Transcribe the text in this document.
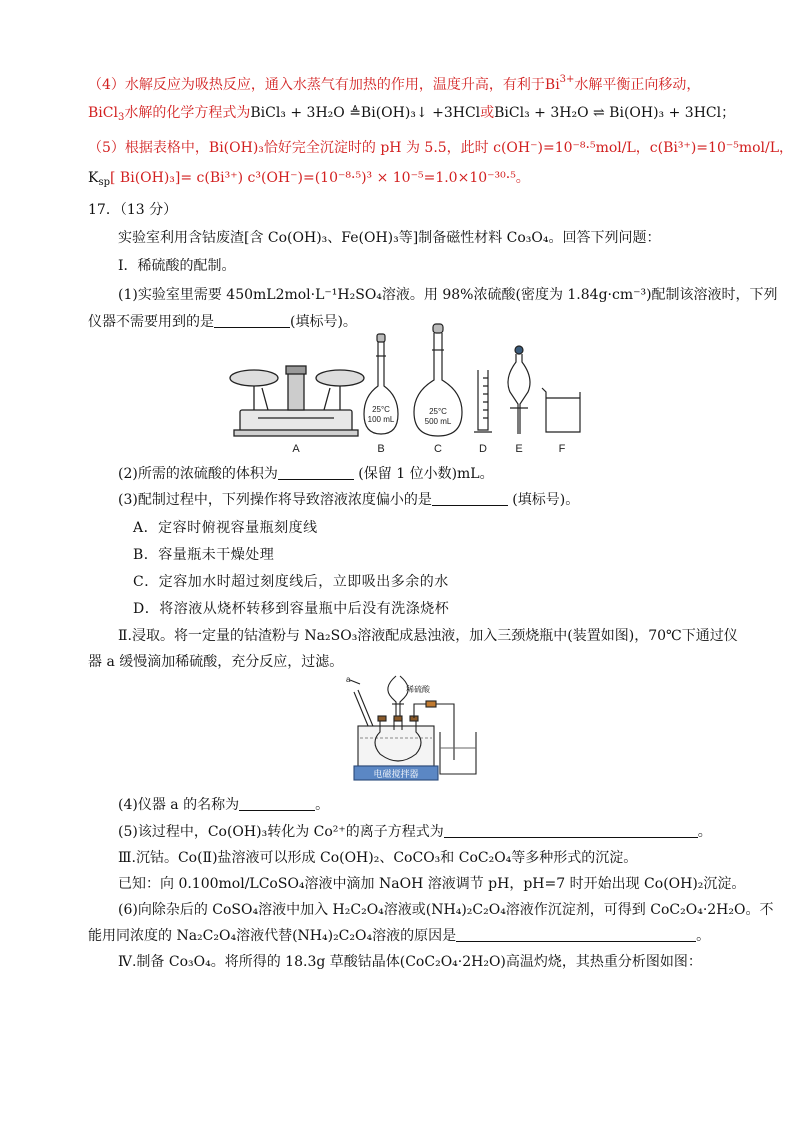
（4）水解反应为吸热反应，通入水蒸气有加热的作用，温度升高，有利于$Bi^{3+}$水解平衡正向移动，
BiCl$_3$水解的化学方程式为BiCl₃ + 3H₂O ≜Bi(OH)₃↓ +3HCl或BiCl₃ + 3H₂O ⇌ Bi(OH)₃ + 3HCl；
（5）根据表格中，Bi(OH)₃恰好完全沉淀时的 pH 为 5.5，此时 c(OH⁻)=10⁻⁸·⁵mol/L，c(Bi³⁺)=10⁻⁵mol/L，
$K_{sp}$[ Bi(OH)₃]= c(Bi³⁺) c³(OH⁻)=(10⁻⁸·⁵)³ × 10⁻⁵=1.0×10⁻³⁰·⁵。
17．（13 分）
实验室利用含钴废渣[含 Co(OH)₃、Fe(OH)₃等]制备磁性材料 Co₃O₄。回答下列问题：
I．稀硫酸的配制。
(1)实验室里需要 450mL2mol·L⁻¹H₂SO₄溶液。用 98%浓硫酸(密度为 1.84g·cm⁻³)配制该溶液时，下列
仪器不需要用到的是	(填标号)。
25°C
100 mL
25°C
500 mL
A	B	C	D	E	F
(2)所需的浓硫酸的体积为	(保留 1 位小数)mL。
(3)配制过程中，下列操作将导致溶液浓度偏小的是	(填标号)。
A．定容时俯视容量瓶刻度线
B．容量瓶未干燥处理
C．定容加水时超过刻度线后，立即吸出多余的水
D．将溶液从烧杯转移到容量瓶中后没有洗涤烧杯
Ⅱ.浸取。将一定量的钴渣粉与 Na₂SO₃溶液配成悬浊液，加入三颈烧瓶中(装置如图)，70℃下通过仪
器 a 缓慢滴加稀硫酸，充分反应，过滤。
a
稀硫酸
电磁搅拌器
(4)仪器 a 的名称为	。
(5)该过程中，Co(OH)₃转化为 Co²⁺的离子方程式为	。
Ⅲ.沉钴。Co(Ⅱ)盐溶液可以形成 Co(OH)₂、CoCO₃和 CoC₂O₄等多种形式的沉淀。
已知：向 0.100mol/LCoSO₄溶液中滴加 NaOH 溶液调节 pH，pH=7 时开始出现 Co(OH)₂沉淀。
(6)向除杂后的 CoSO₄溶液中加入 H₂C₂O₄溶液或(NH₄)₂C₂O₄溶液作沉淀剂，可得到 CoC₂O₄·2H₂O。不
能用同浓度的 Na₂C₂O₄溶液代替(NH₄)₂C₂O₄溶液的原因是	。
Ⅳ.制备 Co₃O₄。将所得的 18.3g 草酸钴晶体(CoC₂O₄·2H₂O)高温灼烧，其热重分析图如图：
